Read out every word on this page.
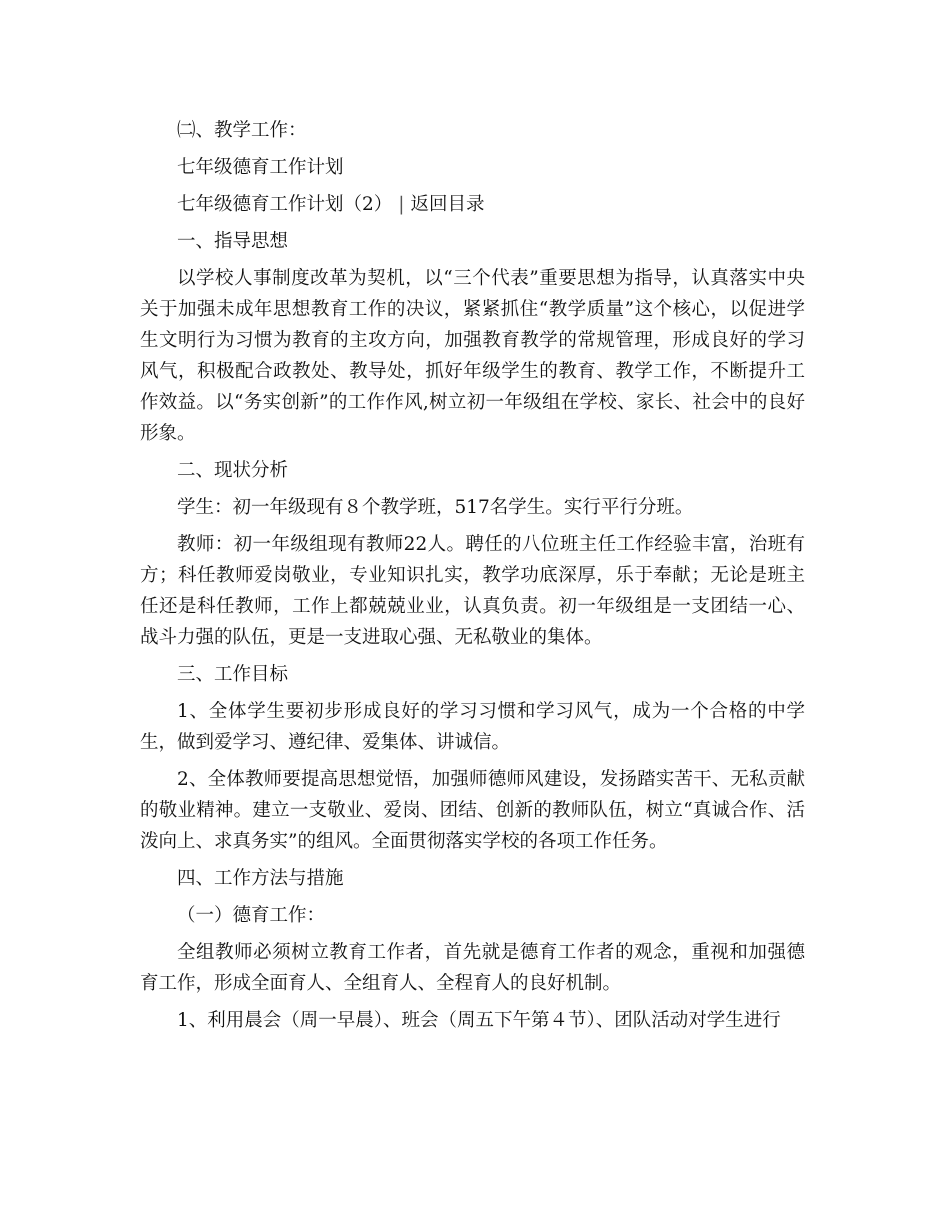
㈡、教学工作：

七年级德育工作计划

七年级德育工作计划（2） | 返回目录

一、指导思想

以学校人事制度改革为契机，以“三个代表”重要思想为指导，认真落实中央关于加强未成年思想教育工作的决议，紧紧抓住“教学质量”这个核心，以促进学生文明行为习惯为教育的主攻方向，加强教育教学的常规管理，形成良好的学习风气，积极配合政教处、教导处，抓好年级学生的教育、教学工作，不断提升工作效益。以“务实创新”的工作作风,树立初一年级组在学校、家长、社会中的良好形象。

二、现状分析

学生：初一年级现有８个教学班，517名学生。实行平行分班。

教师：初一年级组现有教师22人。聘任的八位班主任工作经验丰富，治班有方；科任教师爱岗敬业，专业知识扎实，教学功底深厚，乐于奉献；无论是班主任还是科任教师，工作上都兢兢业业，认真负责。初一年级组是一支团结一心、战斗力强的队伍，更是一支进取心强、无私敬业的集体。

三、工作目标

1、全体学生要初步形成良好的学习习惯和学习风气，成为一个合格的中学生，做到爱学习、遵纪律、爱集体、讲诚信。

2、全体教师要提高思想觉悟，加强师德师风建设，发扬踏实苦干、无私贡献的敬业精神。建立一支敬业、爱岗、团结、创新的教师队伍，树立“真诚合作、活泼向上、求真务实”的组风。全面贯彻落实学校的各项工作任务。

四、工作方法与措施

（一）德育工作：

全组教师必须树立教育工作者，首先就是德育工作者的观念，重视和加强德育工作，形成全面育人、全组育人、全程育人的良好机制。

1、利用晨会（周一早晨）、班会（周五下午第４节）、团队活动对学生进行
